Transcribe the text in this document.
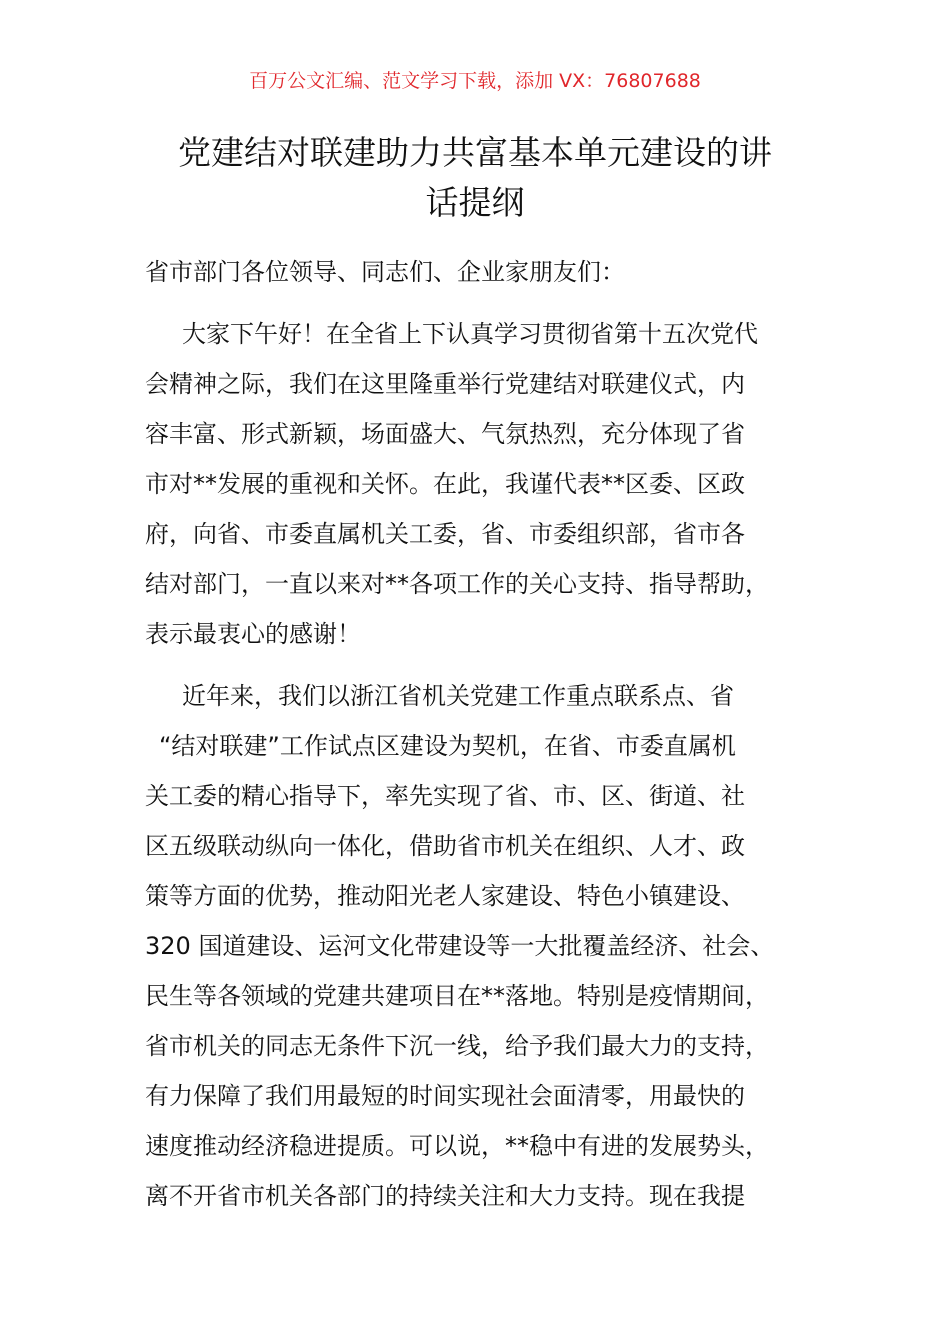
百万公文汇编、范文学习下载，添加 VX：76807688
党建结对联建助力共富基本单元建设的讲
话提纲
省市部门各位领导、同志们、企业家朋友们：
大家下午好！在全省上下认真学习贯彻省第十五次党代
会精神之际，我们在这里隆重举行党建结对联建仪式，内
容丰富、形式新颖，场面盛大、气氛热烈，充分体现了省
市对**发展的重视和关怀。在此，我谨代表**区委、区政
府，向省、市委直属机关工委，省、市委组织部，省市各
结对部门，一直以来对**各项工作的关心支持、指导帮助，
表示最衷心的感谢！
近年来，我们以浙江省机关党建工作重点联系点、省
“结对联建”工作试点区建设为契机，在省、市委直属机
关工委的精心指导下，率先实现了省、市、区、街道、社
区五级联动纵向一体化，借助省市机关在组织、人才、政
策等方面的优势，推动阳光老人家建设、特色小镇建设、
320 国道建设、运河文化带建设等一大批覆盖经济、社会、
民生等各领域的党建共建项目在**落地。特别是疫情期间，
省市机关的同志无条件下沉一线，给予我们最大力的支持，
有力保障了我们用最短的时间实现社会面清零，用最快的
速度推动经济稳进提质。可以说，**稳中有进的发展势头，
离不开省市机关各部门的持续关注和大力支持。现在我提
